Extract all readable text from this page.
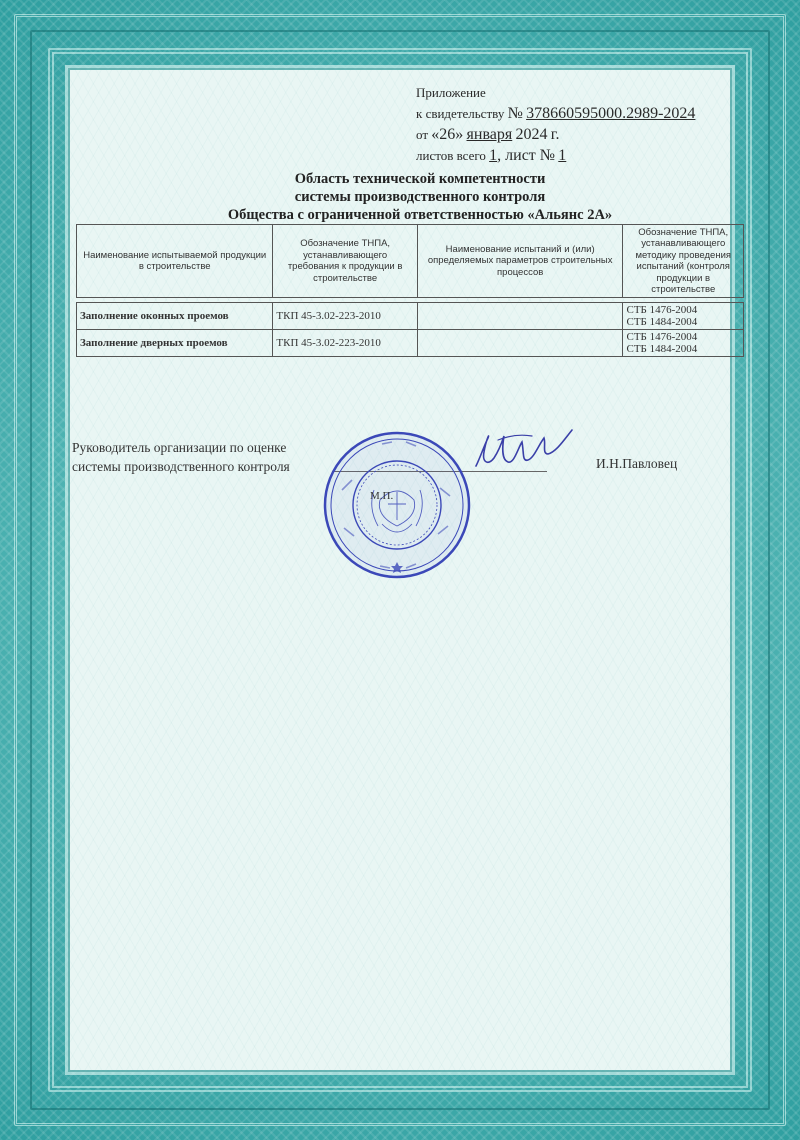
Приложение
к свидетельству № 378660595000.2989-2024
от «26» января 2024 г.
листов всего 1, лист № 1
Область технической компетентности
системы производственного контроля
Общества с ограниченной ответственностью «Альянс 2А»
Наименование испытываемой продукции в строительстве	Обозначение ТНПА, устанавливающего требования к продукции в строительстве	Наименование испытаний и (или) определяемых параметров строительных процессов	Обозначение ТНПА, устанавливающего методику проведения испытаний (контроля продукции в строительстве

Заполнение оконных проемов	ТКП 45-3.02-223-2010		СТБ 1476-2004
СТБ 1484-2004

Заполнение дверных проемов	ТКП 45-3.02-223-2010		СТБ 1476-2004
СТБ 1484-2004
Руководитель организации по оценке
системы производственного контроля	И.Н.Павловец
М.П.
